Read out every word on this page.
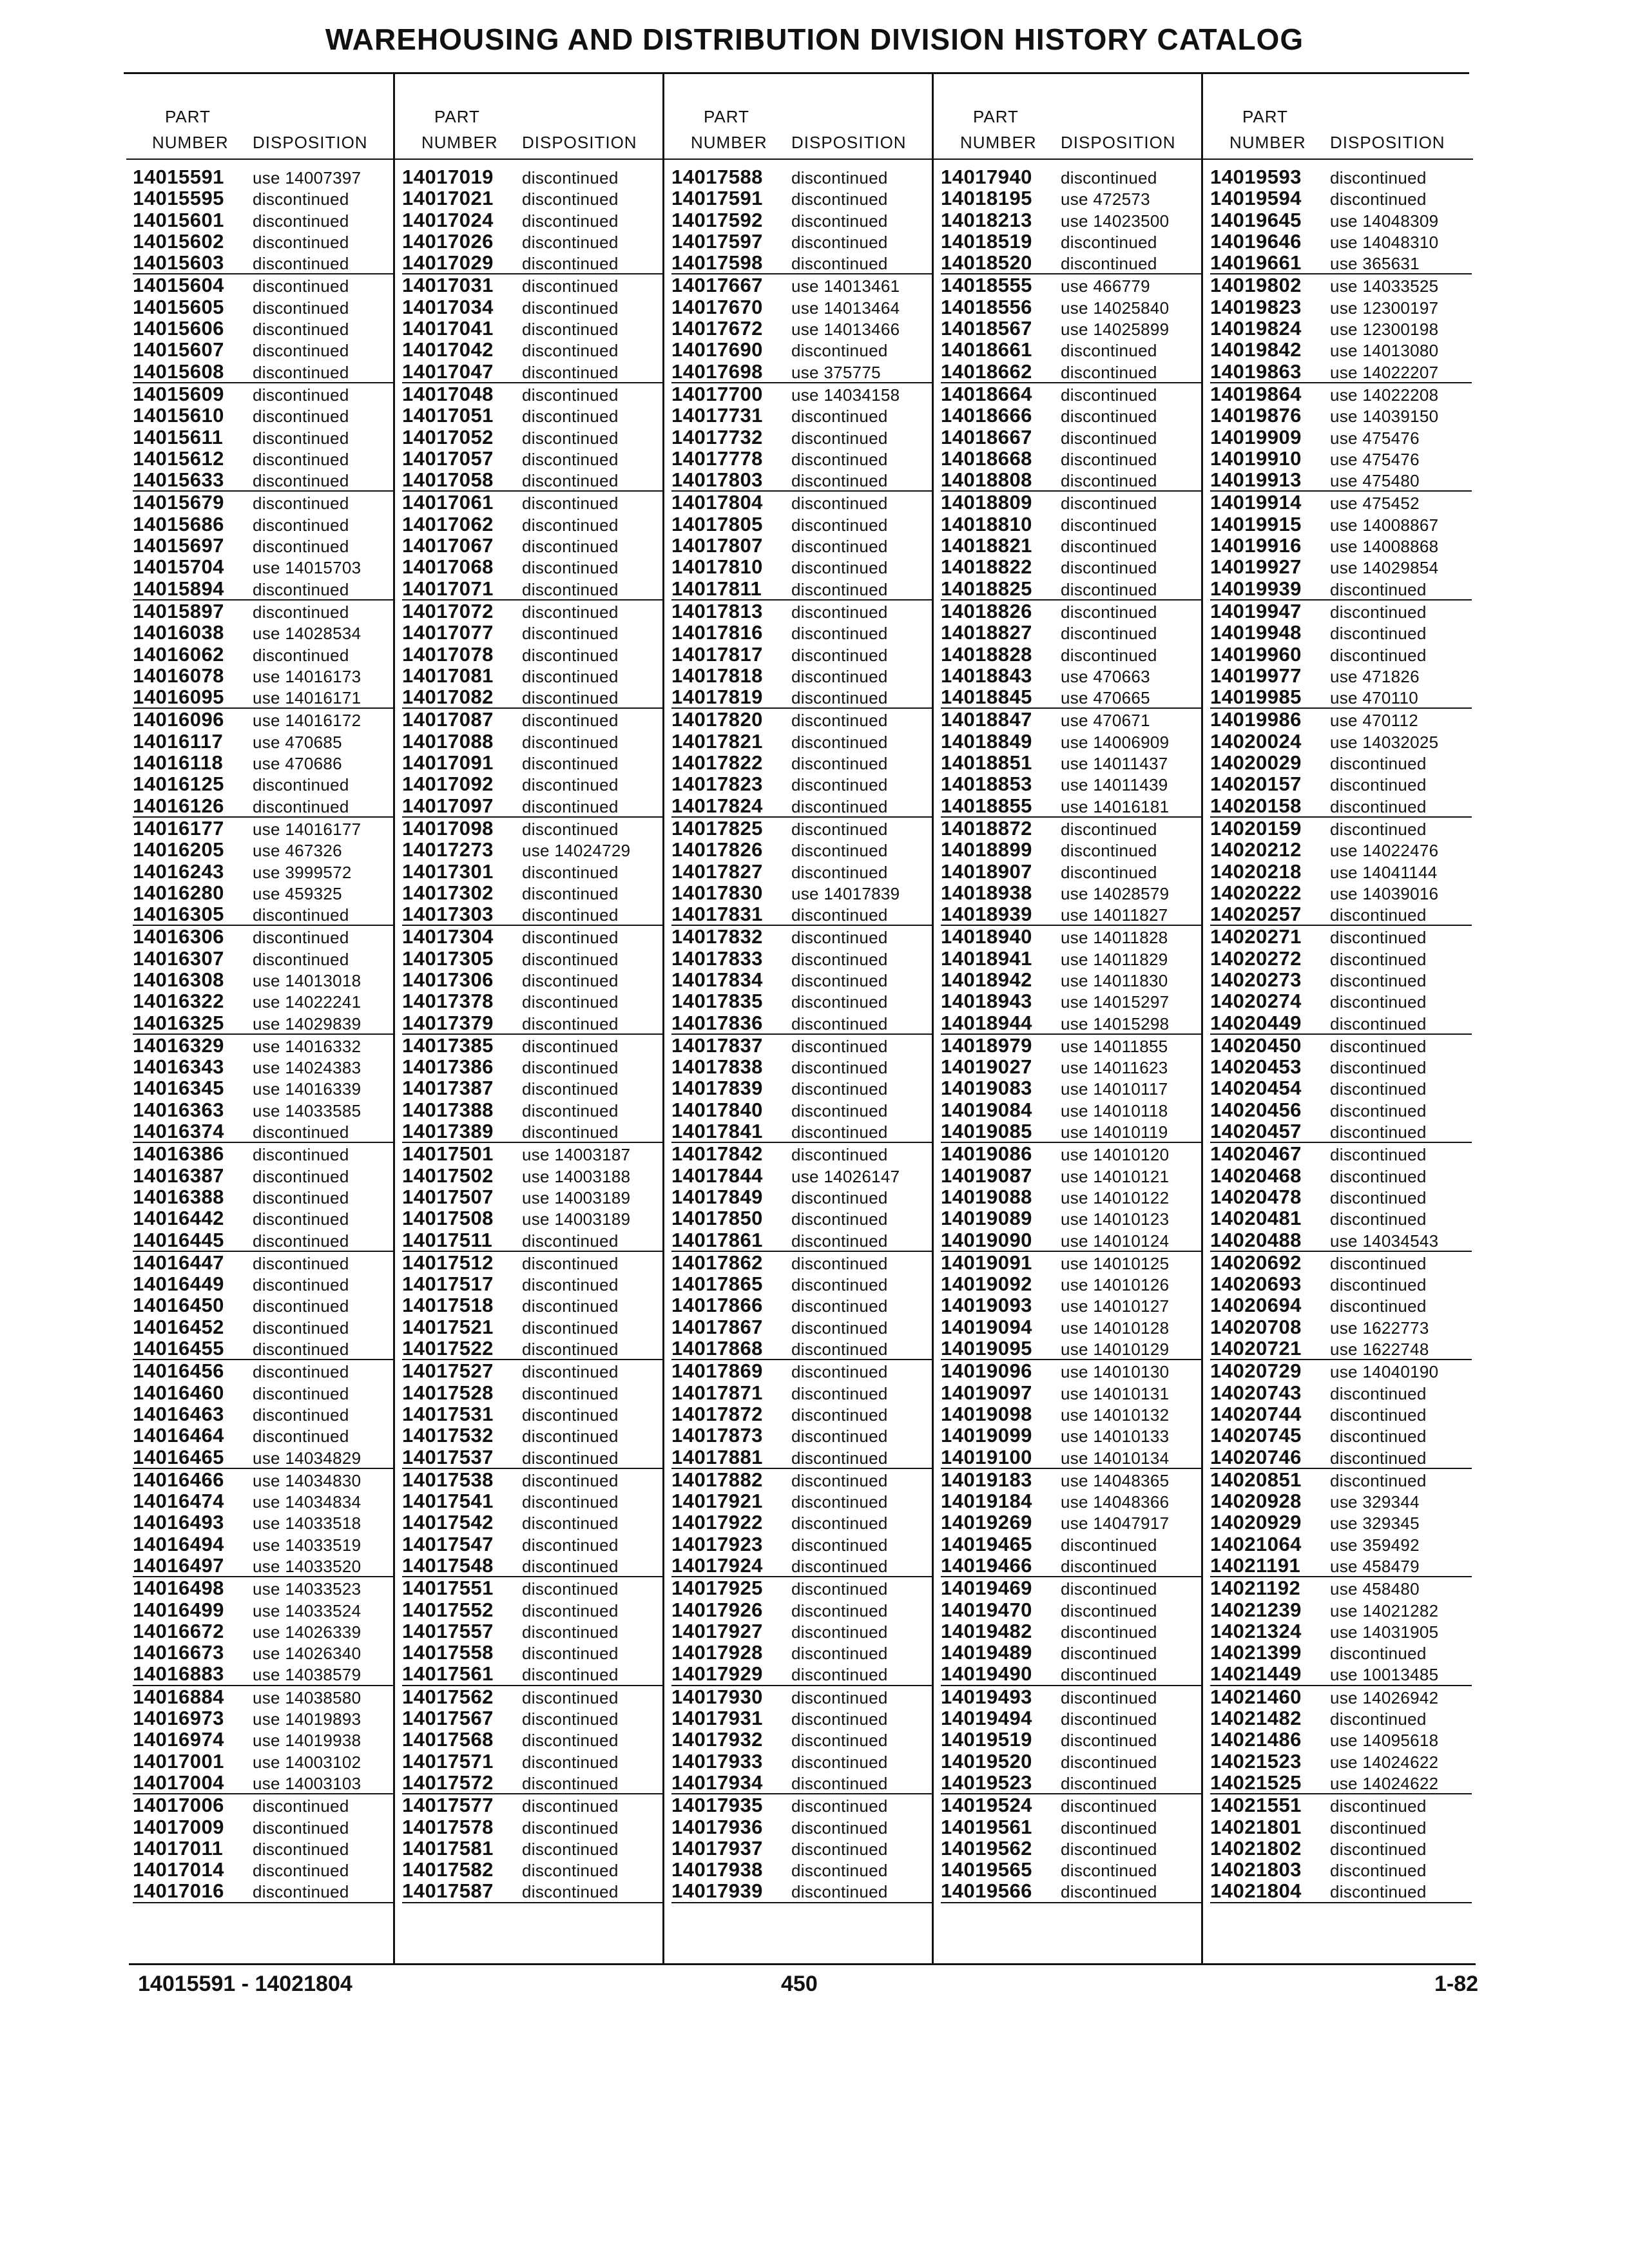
WAREHOUSING AND DISTRIBUTION DIVISION HISTORY CATALOG
PART
NUMBER DISPOSITION
14015591 use 14007397
14015595 discontinued
14015601 discontinued
14015602 discontinued
14015603 discontinued
14015604 discontinued
14015605 discontinued
14015606 discontinued
14015607 discontinued
14015608 discontinued
14015609 discontinued
14015610 discontinued
14015611 discontinued
14015612 discontinued
14015633 discontinued
14015679 discontinued
14015686 discontinued
14015697 discontinued
14015704 use 14015703
14015894 discontinued
14015897 discontinued
14016038 use 14028534
14016062 discontinued
14016078 use 14016173
14016095 use 14016171
14016096 use 14016172
14016117 use 470685
14016118 use 470686
14016125 discontinued
14016126 discontinued
14016177 use 14016177
14016205 use 467326
14016243 use 3999572
14016280 use 459325
14016305 discontinued
14016306 discontinued
14016307 discontinued
14016308 use 14013018
14016322 use 14022241
14016325 use 14029839
14016329 use 14016332
14016343 use 14024383
14016345 use 14016339
14016363 use 14033585
14016374 discontinued
14016386 discontinued
14016387 discontinued
14016388 discontinued
14016442 discontinued
14016445 discontinued
14016447 discontinued
14016449 discontinued
14016450 discontinued
14016452 discontinued
14016455 discontinued
14016456 discontinued
14016460 discontinued
14016463 discontinued
14016464 discontinued
14016465 use 14034829
14016466 use 14034830
14016474 use 14034834
14016493 use 14033518
14016494 use 14033519
14016497 use 14033520
14016498 use 14033523
14016499 use 14033524
14016672 use 14026339
14016673 use 14026340
14016883 use 14038579
14016884 use 14038580
14016973 use 14019893
14016974 use 14019938
14017001 use 14003102
14017004 use 14003103
14017006 discontinued
14017009 discontinued
14017011 discontinued
14017014 discontinued
14017016 discontinued
PART
NUMBER DISPOSITION
14017019 discontinued
14017021 discontinued
14017024 discontinued
14017026 discontinued
14017029 discontinued
14017031 discontinued
14017034 discontinued
14017041 discontinued
14017042 discontinued
14017047 discontinued
14017048 discontinued
14017051 discontinued
14017052 discontinued
14017057 discontinued
14017058 discontinued
14017061 discontinued
14017062 discontinued
14017067 discontinued
14017068 discontinued
14017071 discontinued
14017072 discontinued
14017077 discontinued
14017078 discontinued
14017081 discontinued
14017082 discontinued
14017087 discontinued
14017088 discontinued
14017091 discontinued
14017092 discontinued
14017097 discontinued
14017098 discontinued
14017273 use 14024729
14017301 discontinued
14017302 discontinued
14017303 discontinued
14017304 discontinued
14017305 discontinued
14017306 discontinued
14017378 discontinued
14017379 discontinued
14017385 discontinued
14017386 discontinued
14017387 discontinued
14017388 discontinued
14017389 discontinued
14017501 use 14003187
14017502 use 14003188
14017507 use 14003189
14017508 use 14003189
14017511 discontinued
14017512 discontinued
14017517 discontinued
14017518 discontinued
14017521 discontinued
14017522 discontinued
14017527 discontinued
14017528 discontinued
14017531 discontinued
14017532 discontinued
14017537 discontinued
14017538 discontinued
14017541 discontinued
14017542 discontinued
14017547 discontinued
14017548 discontinued
14017551 discontinued
14017552 discontinued
14017557 discontinued
14017558 discontinued
14017561 discontinued
14017562 discontinued
14017567 discontinued
14017568 discontinued
14017571 discontinued
14017572 discontinued
14017577 discontinued
14017578 discontinued
14017581 discontinued
14017582 discontinued
14017587 discontinued
PART
NUMBER DISPOSITION
14017588 discontinued
14017591 discontinued
14017592 discontinued
14017597 discontinued
14017598 discontinued
14017667 use 14013461
14017670 use 14013464
14017672 use 14013466
14017690 discontinued
14017698 use 375775
14017700 use 14034158
14017731 discontinued
14017732 discontinued
14017778 discontinued
14017803 discontinued
14017804 discontinued
14017805 discontinued
14017807 discontinued
14017810 discontinued
14017811 discontinued
14017813 discontinued
14017816 discontinued
14017817 discontinued
14017818 discontinued
14017819 discontinued
14017820 discontinued
14017821 discontinued
14017822 discontinued
14017823 discontinued
14017824 discontinued
14017825 discontinued
14017826 discontinued
14017827 discontinued
14017830 use 14017839
14017831 discontinued
14017832 discontinued
14017833 discontinued
14017834 discontinued
14017835 discontinued
14017836 discontinued
14017837 discontinued
14017838 discontinued
14017839 discontinued
14017840 discontinued
14017841 discontinued
14017842 discontinued
14017844 use 14026147
14017849 discontinued
14017850 discontinued
14017861 discontinued
14017862 discontinued
14017865 discontinued
14017866 discontinued
14017867 discontinued
14017868 discontinued
14017869 discontinued
14017871 discontinued
14017872 discontinued
14017873 discontinued
14017881 discontinued
14017882 discontinued
14017921 discontinued
14017922 discontinued
14017923 discontinued
14017924 discontinued
14017925 discontinued
14017926 discontinued
14017927 discontinued
14017928 discontinued
14017929 discontinued
14017930 discontinued
14017931 discontinued
14017932 discontinued
14017933 discontinued
14017934 discontinued
14017935 discontinued
14017936 discontinued
14017937 discontinued
14017938 discontinued
14017939 discontinued
PART
NUMBER DISPOSITION
14017940 discontinued
14018195 use 472573
14018213 use 14023500
14018519 discontinued
14018520 discontinued
14018555 use 466779
14018556 use 14025840
14018567 use 14025899
14018661 discontinued
14018662 discontinued
14018664 discontinued
14018666 discontinued
14018667 discontinued
14018668 discontinued
14018808 discontinued
14018809 discontinued
14018810 discontinued
14018821 discontinued
14018822 discontinued
14018825 discontinued
14018826 discontinued
14018827 discontinued
14018828 discontinued
14018843 use 470663
14018845 use 470665
14018847 use 470671
14018849 use 14006909
14018851 use 14011437
14018853 use 14011439
14018855 use 14016181
14018872 discontinued
14018899 discontinued
14018907 discontinued
14018938 use 14028579
14018939 use 14011827
14018940 use 14011828
14018941 use 14011829
14018942 use 14011830
14018943 use 14015297
14018944 use 14015298
14018979 use 14011855
14019027 use 14011623
14019083 use 14010117
14019084 use 14010118
14019085 use 14010119
14019086 use 14010120
14019087 use 14010121
14019088 use 14010122
14019089 use 14010123
14019090 use 14010124
14019091 use 14010125
14019092 use 14010126
14019093 use 14010127
14019094 use 14010128
14019095 use 14010129
14019096 use 14010130
14019097 use 14010131
14019098 use 14010132
14019099 use 14010133
14019100 use 14010134
14019183 use 14048365
14019184 use 14048366
14019269 use 14047917
14019465 discontinued
14019466 discontinued
14019469 discontinued
14019470 discontinued
14019482 discontinued
14019489 discontinued
14019490 discontinued
14019493 discontinued
14019494 discontinued
14019519 discontinued
14019520 discontinued
14019523 discontinued
14019524 discontinued
14019561 discontinued
14019562 discontinued
14019565 discontinued
14019566 discontinued
PART
NUMBER DISPOSITION
14019593 discontinued
14019594 discontinued
14019645 use 14048309
14019646 use 14048310
14019661 use 365631
14019802 use 14033525
14019823 use 12300197
14019824 use 12300198
14019842 use 14013080
14019863 use 14022207
14019864 use 14022208
14019876 use 14039150
14019909 use 475476
14019910 use 475476
14019913 use 475480
14019914 use 475452
14019915 use 14008867
14019916 use 14008868
14019927 use 14029854
14019939 discontinued
14019947 discontinued
14019948 discontinued
14019960 discontinued
14019977 use 471826
14019985 use 470110
14019986 use 470112
14020024 use 14032025
14020029 discontinued
14020157 discontinued
14020158 discontinued
14020159 discontinued
14020212 use 14022476
14020218 use 14041144
14020222 use 14039016
14020257 discontinued
14020271 discontinued
14020272 discontinued
14020273 discontinued
14020274 discontinued
14020449 discontinued
14020450 discontinued
14020453 discontinued
14020454 discontinued
14020456 discontinued
14020457 discontinued
14020467 discontinued
14020468 discontinued
14020478 discontinued
14020481 discontinued
14020488 use 14034543
14020692 discontinued
14020693 discontinued
14020694 discontinued
14020708 use 1622773
14020721 use 1622748
14020729 use 14040190
14020743 discontinued
14020744 discontinued
14020745 discontinued
14020746 discontinued
14020851 discontinued
14020928 use 329344
14020929 use 329345
14021064 use 359492
14021191 use 458479
14021192 use 458480
14021239 use 14021282
14021324 use 14031905
14021399 discontinued
14021449 use 10013485
14021460 use 14026942
14021482 discontinued
14021486 use 14095618
14021523 use 14024622
14021525 use 14024622
14021551 discontinued
14021801 discontinued
14021802 discontinued
14021803 discontinued
14021804 discontinued
14015591 - 14021804	450	1-82
